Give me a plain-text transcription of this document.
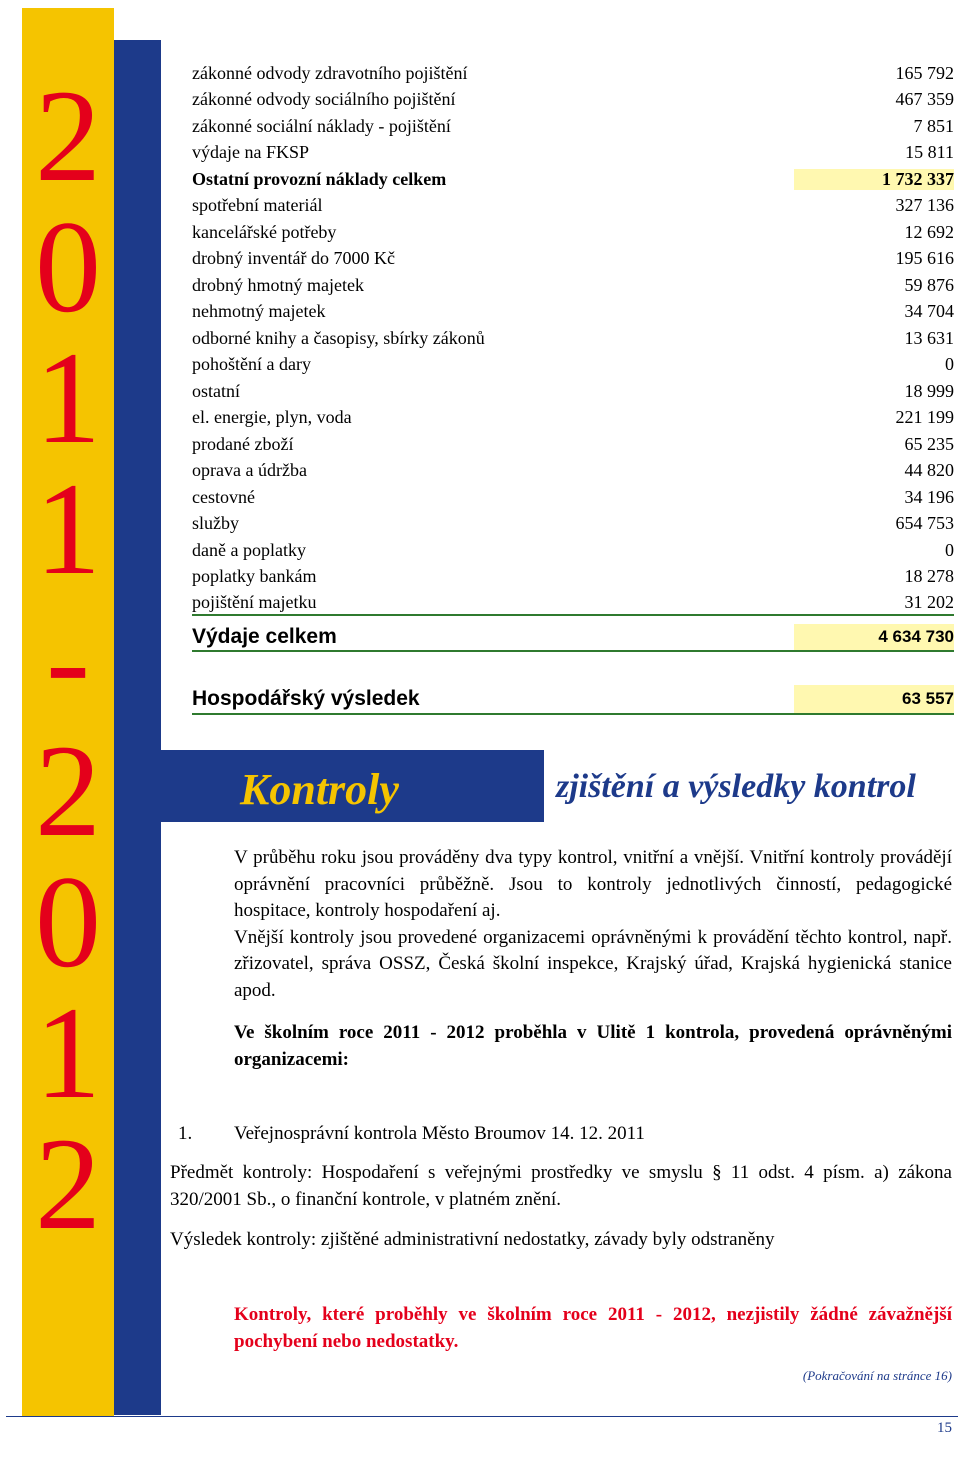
2
0
1
1
-
2
0
1
2
zákonné odvody zdravotního pojištění	165 792
zákonné odvody sociálního pojištění	467 359
zákonné sociální náklady - pojištění	7 851
výdaje na FKSP	15 811
Ostatní provozní náklady celkem	1 732 337
spotřební materiál	327 136
kancelářské potřeby	12 692
drobný inventář do 7000 Kč	195 616
drobný hmotný majetek	59 876
nehmotný majetek	34 704
odborné knihy a časopisy, sbírky zákonů	13 631
pohoštění a dary	0
ostatní	18 999
el. energie, plyn, voda	221 199
prodané zboží	65 235
oprava a údržba	44 820
cestovné	34 196
služby	654 753
daně a poplatky	0
poplatky bankám	18 278
pojištění majetku	31 202
Výdaje celkem	4 634 730
Hospodářský výsledek	63 557
Kontroly	zjištění a výsledky kontrol
V průběhu roku jsou prováděny dva typy kontrol, vnitřní a vnější. Vnitřní kontroly provádějí oprávnění pracovníci průběžně. Jsou to kontroly jednotlivých činností, pedagogické hospitace, kontroly hospodaření aj.
Vnější kontroly jsou provedené organizacemi oprávněnými k provádění těchto kontrol, např. zřizovatel, správa OSSZ, Česká školní inspekce, Krajský úřad, Krajská hygienická stanice apod.
Ve školním roce 2011 - 2012 proběhla v Ulitě 1 kontrola, provedená oprávněnými organizacemi:
1. Veřejnosprávní kontrola Město Broumov 14. 12. 2011
Předmět kontroly: Hospodaření s veřejnými prostředky ve smyslu § 11 odst. 4 písm. a) zákona 320/2001 Sb., o finanční kontrole, v platném znění.
Výsledek kontroly: zjištěné administrativní nedostatky, závady byly odstraněny
Kontroly, které proběhly ve školním roce 2011 - 2012, nezjistily žádné závažnější pochybení nebo nedostatky.
(Pokračování na stránce 16)
15
